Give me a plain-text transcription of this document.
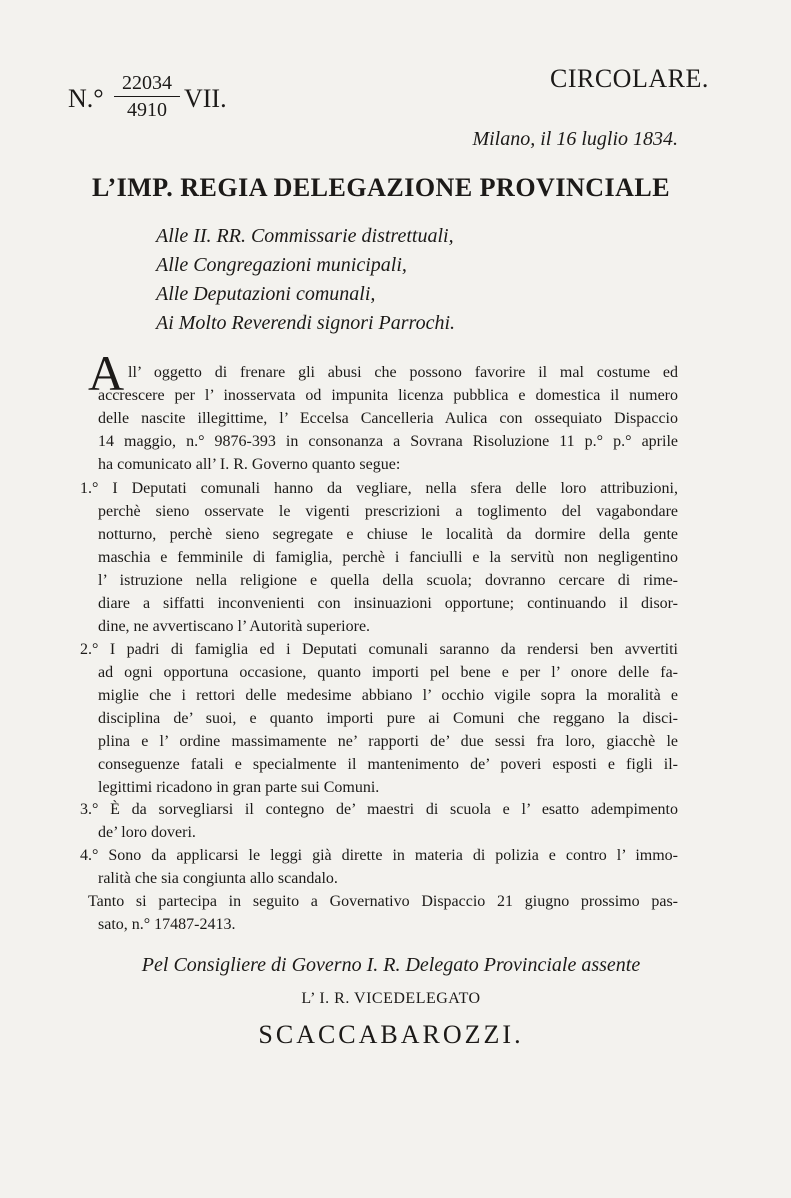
N.°
22034
4910 VII.
CIRCOLARE.
Milano, il 16 luglio 1834.
L’IMP. REGIA DELEGAZIONE PROVINCIALE
Alle II. RR. Commissarie distrettuali,
Alle Congregazioni municipali,
Alle Deputazioni comunali,
Ai Molto Reverendi signori Parrochi.
A ll’ oggetto di frenare gli abusi che possono favorire il mal costume ed
accrescere per l’ inosservata od impunita licenza pubblica e domestica il numero
delle nascite illegittime, l’ Eccelsa Cancelleria Aulica con ossequiato Dispaccio
14 maggio, n.° 9876-393 in consonanza a Sovrana Risoluzione 11 p.° p.° aprile
ha comunicato all’ I. R. Governo quanto segue:
1.° I Deputati comunali hanno da vegliare, nella sfera delle loro attribuzioni,
perchè sieno osservate le vigenti prescrizioni a toglimento del vagabondare
notturno, perchè sieno segregate e chiuse le località da dormire della gente
maschia e femminile di famiglia, perchè i fanciulli e la servitù non negligentino
l’ istruzione nella religione e quella della scuola; dovranno cercare di rime-
diare a siffatti inconvenienti con insinuazioni opportune; continuando il disor-
dine, ne avvertiscano l’ Autorità superiore.
2.° I padri di famiglia ed i Deputati comunali saranno da rendersi ben avvertiti
ad ogni opportuna occasione, quanto importi pel bene e per l’ onore delle fa-
miglie che i rettori delle medesime abbiano l’ occhio vigile sopra la moralità e
disciplina de’ suoi, e quanto importi pure ai Comuni che reggano la disci-
plina e l’ ordine massimamente ne’ rapporti de’ due sessi fra loro, giacchè le
conseguenze fatali e specialmente il mantenimento de’ poveri esposti e figli il-
legittimi ricadono in gran parte sui Comuni.
3.° È da sorvegliarsi il contegno de’ maestri di scuola e l’ esatto adempimento
de’ loro doveri.
4.° Sono da applicarsi le leggi già dirette in materia di polizia e contro l’ immo-
ralità che sia congiunta allo scandalo.
Tanto si partecipa in seguito a Governativo Dispaccio 21 giugno prossimo pas-
sato, n.° 17487-2413.
Pel Consigliere di Governo I. R. Delegato Provinciale assente
L’ I. R. VICEDELEGATO
SCACCABAROZZI.
